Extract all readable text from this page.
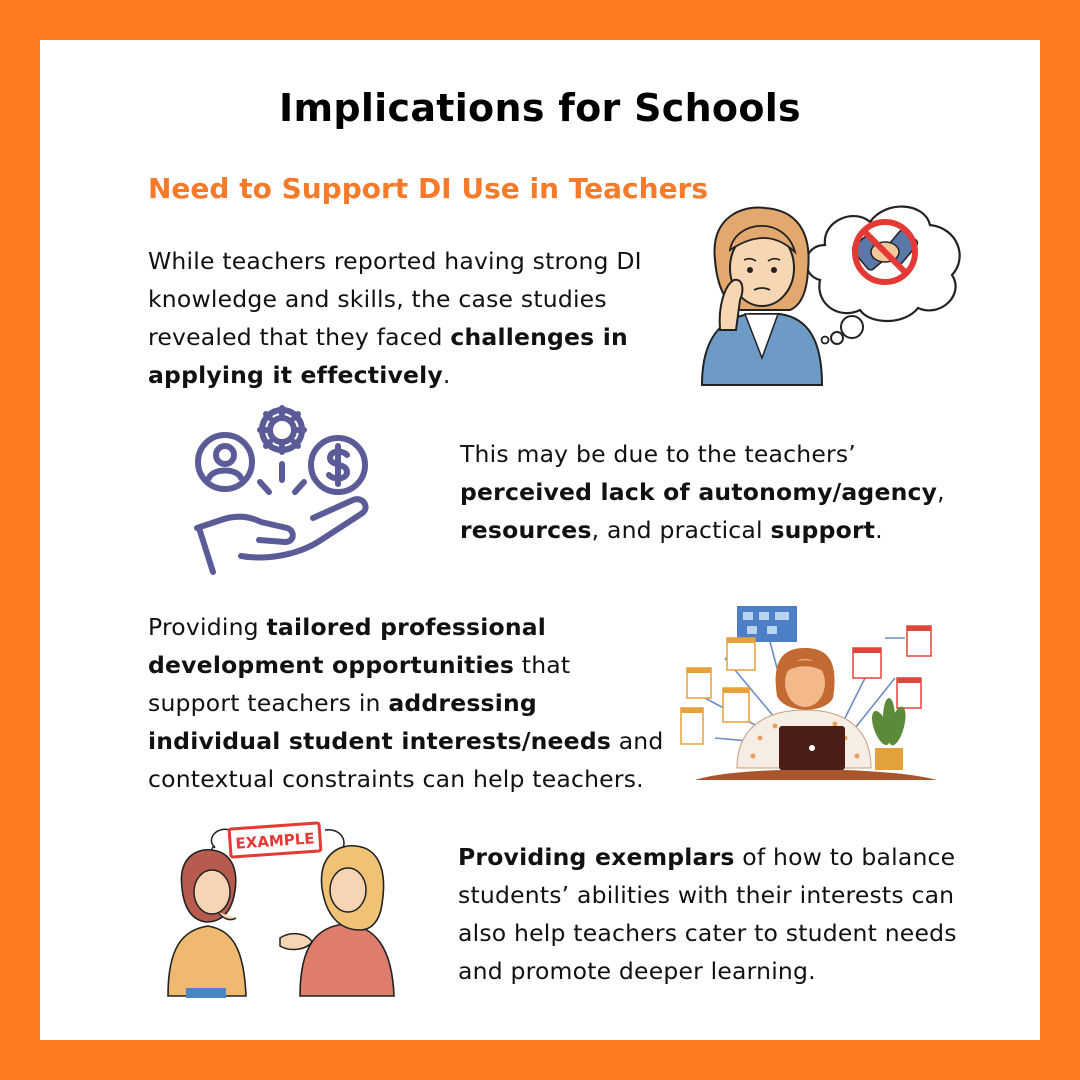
Implications for Schools
Need to Support DI Use in Teachers
While teachers reported having strong DI knowledge and skills, the case studies revealed that they faced challenges in applying it effectively.
This may be due to the teachers’ perceived lack of autonomy/agency, resources, and practical support.
Providing tailored professional development opportunities that support teachers in addressing individual student interests/needs and contextual constraints can help teachers.
Providing exemplars of how to balance students’ abilities with their interests can also help teachers cater to student needs and promote deeper learning.
EXAMPLE
